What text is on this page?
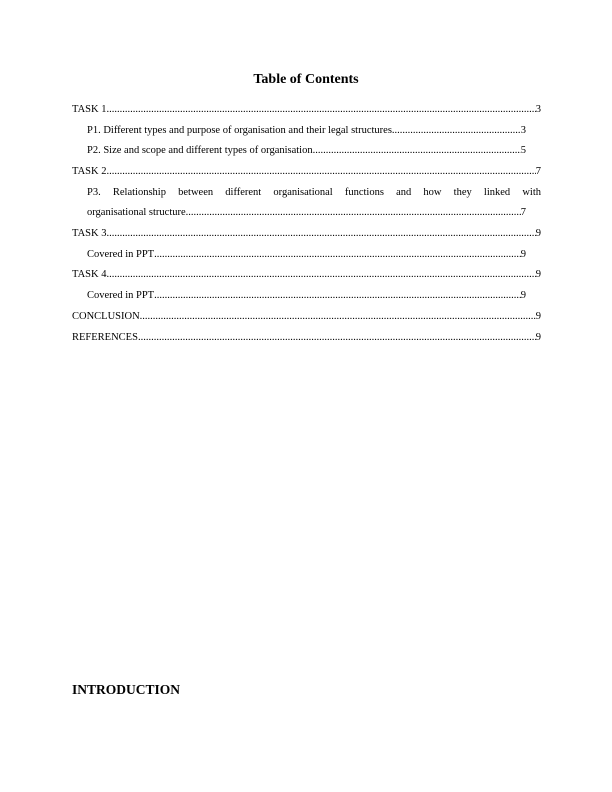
Table of Contents
TASK 1 .....	3
P1. Different types and purpose of organisation and their legal structures .....	3
P2. Size and scope and different types of organisation .....	5
TASK 2 .....	7
P3. Relationship between different organisational functions and how they linked with
organisational structure .....	7
TASK 3 .....	9
Covered in PPT .....	9
TASK 4 .....	9
Covered in PPT .....	9
CONCLUSION .....	9
REFERENCES .....	9
INTRODUCTION
